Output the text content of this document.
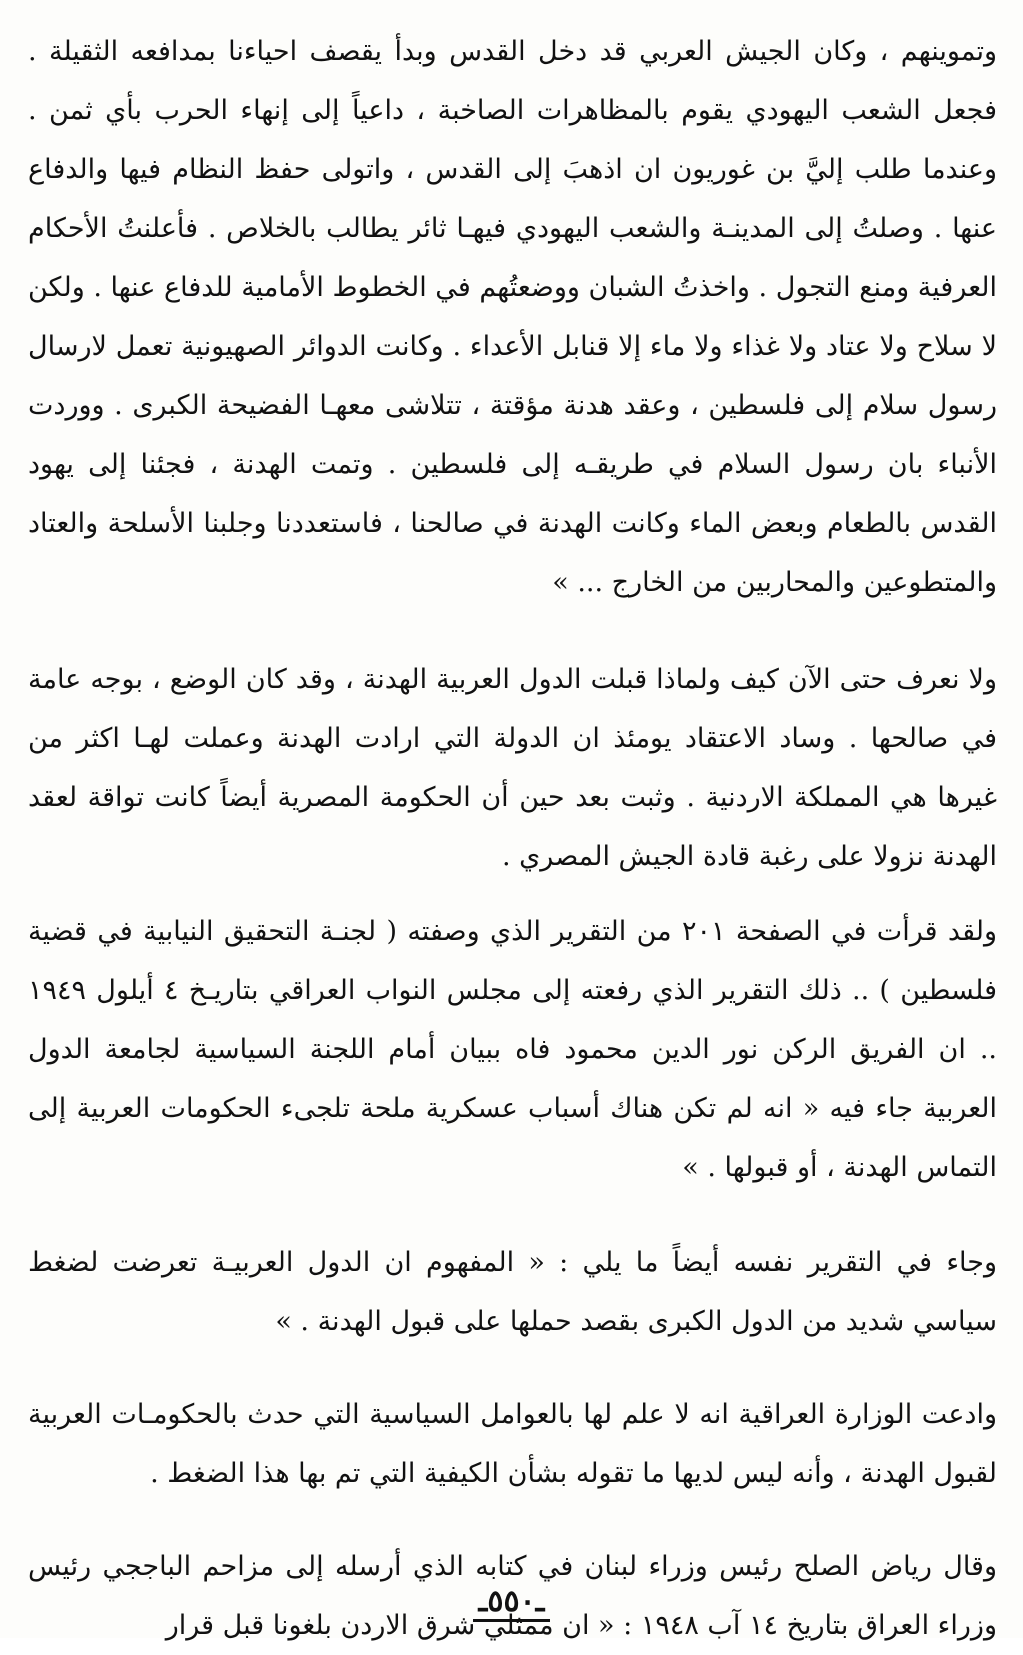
وتموينهم ، وكان الجيش العربي قد دخل القدس وبدأ يقصف احياءنا بمدافعه الثقيلة . فجعل الشعب اليهودي يقوم بالمظاهرات الصاخبة ، داعياً إلى إنهاء الحرب بأي ثمن . وعندما طلب إليَّ بن غوريون ان اذهبَ إلى القدس ، واتولى حفظ النظام فيها والدفاع عنها . وصلتُ إلى المدينـة والشعب اليهودي فيهـا ثائر يطالب بالخلاص . فأعلنتُ الأحكام العرفية ومنع التجول . واخذتُ الشبان ووضعتُهم في الخطوط الأمامية للدفاع عنها . ولكن لا سلاح ولا عتاد ولا غذاء ولا ماء إلا قنابل الأعداء . وكانت الدوائر الصهيونية تعمل لارسال رسول سلام إلى فلسطين ، وعقد هدنة مؤقتة ، تتلاشى معهـا الفضيحة الكبرى . ووردت الأنباء بان رسول السلام في طريقـه إلى فلسطين . وتمت الهدنة ، فجئنا إلى يهود القدس بالطعام وبعض الماء وكانت الهدنة في صالحنا ، فاستعددنا وجلبنا الأسلحة والعتاد والمتطوعين والمحاربين من الخارج ... »

ولا نعرف حتى الآن كيف ولماذا قبلت الدول العربية الهدنة ، وقد كان الوضع ، بوجه عامة في صالحها . وساد الاعتقاد يومئذ ان الدولة التي ارادت الهدنة وعملت لهـا اكثر من غيرها هي المملكة الاردنية . وثبت بعد حين أن الحكومة المصرية أيضاً كانت تواقة لعقد الهدنة نزولا على رغبة قادة الجيش المصري .

ولقد قرأت في الصفحة ٢٠١ من التقرير الذي وصفته ( لجنـة التحقيق النيابية في قضية فلسطين ) .. ذلك التقرير الذي رفعته إلى مجلس النواب العراقي بتاريـخ ٤ أيلول ١٩٤٩ .. ان الفريق الركن نور الدين محمود فاه ببيان أمام اللجنة السياسية لجامعة الدول العربية جاء فيه « انه لم تكن هناك أسباب عسكرية ملحة تلجىء الحكومات العربية إلى التماس الهدنة ، أو قبولها . »

وجاء في التقرير نفسه أيضاً ما يلي : « المفهوم ان الدول العربيـة تعرضت لضغط سياسي شديد من الدول الكبرى بقصد حملها على قبول الهدنة . »

وادعت الوزارة العراقية انه لا علم لها بالعوامل السياسية التي حدث بالحكومـات العربية لقبول الهدنة ، وأنه ليس لديها ما تقوله بشأن الكيفية التي تم بها هذا الضغط .

وقال رياض الصلح رئيس وزراء لبنان في كتابه الذي أرسله إلى مزاحم الباججي رئيس وزراء العراق بتاريخ ١٤ آب ١٩٤٨ : « ان ممثلي شرق الاردن بلغونا قبل قرار

ـ٥٥٠ـ
